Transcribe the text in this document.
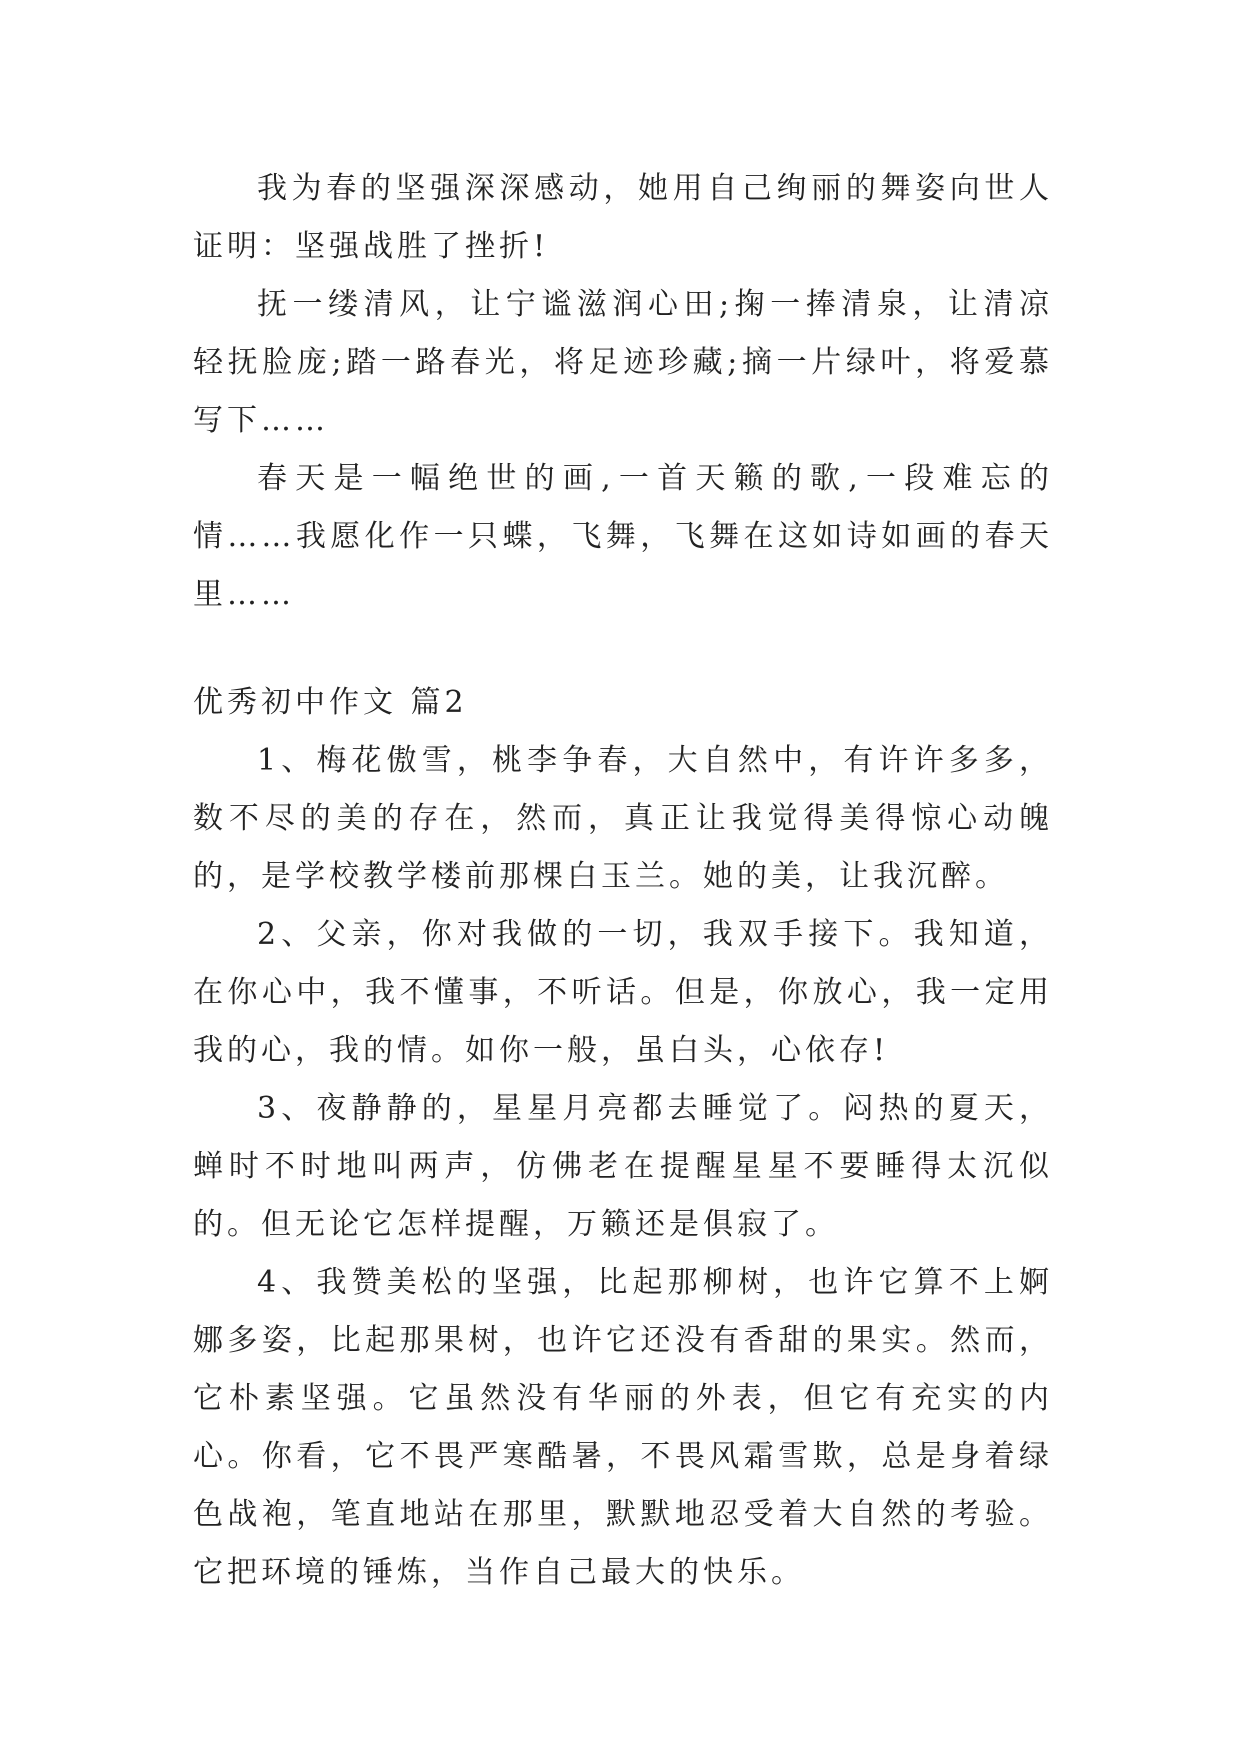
我为春的坚强深深感动，她用自己绚丽的舞姿向世人证明：坚强战胜了挫折!

抚一缕清风，让宁谧滋润心田;掬一捧清泉，让清凉轻抚脸庞;踏一路春光，将足迹珍藏;摘一片绿叶，将爱慕写下……

春天是一幅绝世的画,一首天籁的歌,一段难忘的情……我愿化作一只蝶，飞舞，飞舞在这如诗如画的春天里……

优秀初中作文 篇2

1、梅花傲雪，桃李争春，大自然中，有许许多多，数不尽的美的存在，然而，真正让我觉得美得惊心动魄的，是学校教学楼前那棵白玉兰。她的美，让我沉醉。

2、父亲，你对我做的一切，我双手接下。我知道，在你心中，我不懂事，不听话。但是，你放心，我一定用我的心，我的情。如你一般，虽白头，心依存!

3、夜静静的，星星月亮都去睡觉了。闷热的夏天，蝉时不时地叫两声，仿佛老在提醒星星不要睡得太沉似的。但无论它怎样提醒，万籁还是俱寂了。

4、我赞美松的坚强，比起那柳树，也许它算不上婀娜多姿，比起那果树，也许它还没有香甜的果实。然而，它朴素坚强。它虽然没有华丽的外表，但它有充实的内心。你看，它不畏严寒酷暑，不畏风霜雪欺，总是身着绿色战袍，笔直地站在那里，默默地忍受着大自然的考验。它把环境的锤炼，当作自己最大的快乐。
